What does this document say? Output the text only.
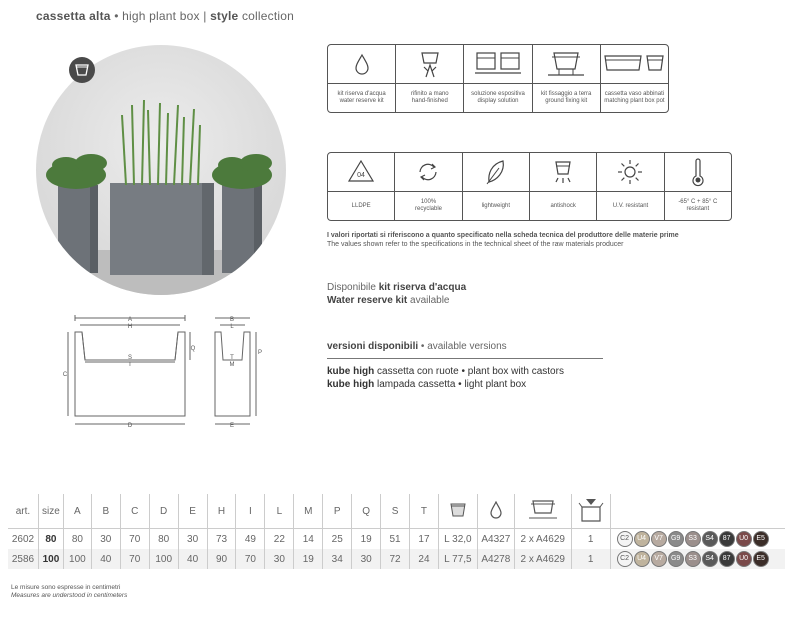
cassetta alta • high plant box | style collection
kit riserva d'acqua
water reserve kit
rifinito a mano
hand-finished
soluzione espositiva
display solution
kit fissaggio a terra
ground fixing kit
cassetta vaso abbinati
matching plant box pot
04
LLDPE
100%
recyclable
lightweight	antishock	U.V. resistant
-65° C + 85° C
resistant
I valori riportati si riferiscono a quanto specificato nella scheda tecnica del produttore delle materie prime
The values shown refer to the specifications in the technical sheet of the raw materials producer
Disponibile kit riserva d'acqua
Water reserve kit available
versioni disponibili • available versions
kube high cassetta con ruote • plant box with castors
kube high lampada cassetta • light plant box
A
H
Q
S
I
C
D
B
L
P
T
M
E
art.	size	A	B	C	D	E	H	I	L	M	P	Q	S	T					
2602	80	80	30	70	80	30	73	49	22	14	25	19	51	17	L 32,0	A4327	2 x A4629	1	C2 U4 V7 G9 S3 S4 87 U0 E5
2586	100	100	40	70	100	40	90	70	30	19	34	30	72	24	L 77,5	A4278	2 x A4629	1	C2 U4 V7 G9 S3 S4 87 U0 E5
Le misure sono espresse in centimetri
Measures are understood in centimeters
